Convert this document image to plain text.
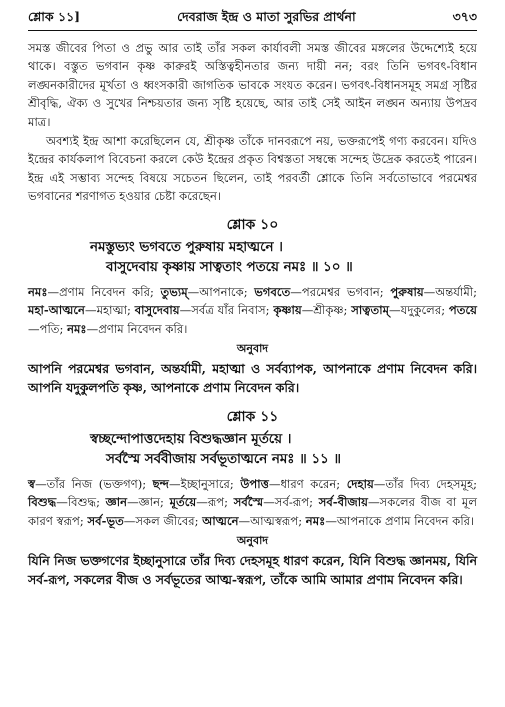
শ্লোক ১১]	দেবরাজ ইন্দ্র ও মাতা সুরভির প্রার্থনা	৩৭৩

সমস্ত জীবের পিতা ও প্রভু আর তাই তাঁর সকল কার্যাবলী সমস্ত জীবের মঙ্গলের উদ্দেশ্যেই হয়ে থাকে। বস্তুত ভগবান কৃষ্ণ কারুরই অস্তিত্বহীনতার জন্য দায়ী নন; বরং তিনি ভগবৎ-বিধান লঙ্ঘনকারীদের মূর্খতা ও ধ্বংসকারী জাগতিক ভাবকে সংযত করেন। ভগবৎ-বিধানসমূহ সমগ্র সৃষ্টির শ্রীবৃদ্ধি, ঐক্য ও সুখের নিশ্চয়তার জন্য সৃষ্টি হয়েছে, আর তাই সেই আইন লঙ্ঘন অন্যায় উপদ্রব মাত্র।

অবশ্যই ইন্দ্র আশা করেছিলেন যে, শ্রীকৃষ্ণ তাঁকে দানবরূপে নয়, ভক্তরূপেই গণ্য করবেন। যদিও ইন্দ্রের কার্যকলাপ বিবেচনা করলে কেউ ইন্দ্রের প্রকৃত বিশ্বস্ততা সম্বন্ধে সন্দেহ উদ্রেক করতেই পারেন। ইন্দ্র এই সম্ভাব্য সন্দেহ বিষয়ে সচেতন ছিলেন, তাই পরবর্তী শ্লোকে তিনি সর্বতোভাবে পরমেশ্বর ভগবানের শরণাগত হওয়ার চেষ্টা করেছেন।

শ্লোক ১০
নমস্তুভ্যং ভগবতে পুরুষায় মহাত্মনে ।
বাসুদেবায় কৃষ্ণায় সাত্বতাং পতয়ে নমঃ ॥ ১০ ॥

নমঃ—প্রণাম নিবেদন করি; তুভ্যম্—আপনাকে; ভগবতে—পরমেশ্বর ভগবান; পুরুষায়—অন্তর্যামী; মহা-আত্মনে—মহাত্মা; বাসুদেবায়—সর্বত্র যাঁর নিবাস; কৃষ্ণায়—শ্রীকৃষ্ণ; সাত্বতাম্—যদুকুলের; পতয়ে—পতি; নমঃ—প্রণাম নিবেদন করি।

অনুবাদ

আপনি পরমেশ্বর ভগবান, অন্তর্যামী, মহাত্মা ও সর্বব্যাপক, আপনাকে প্রণাম নিবেদন করি। আপনি যদুকুলপতি কৃষ্ণ, আপনাকে প্রণাম নিবেদন করি।

শ্লোক ১১
স্বচ্ছন্দোপাত্তদেহায় বিশুদ্ধজ্ঞান মূর্তয়ে ।
সর্বস্মৈ সর্ববীজায় সর্বভূতাত্মনে নমঃ ॥ ১১ ॥

স্ব—তাঁর নিজ (ভক্তগণ); ছন্দ—ইচ্ছানুসারে; উপাত্ত—ধারণ করেন; দেহায়—তাঁর দিব্য দেহসমূহ; বিশুদ্ধ—বিশুদ্ধ; জ্ঞান—জ্ঞান; মূর্তয়ে—রূপ; সর্বস্মৈ—সর্ব-রূপ; সর্ব-বীজায়—সকলের বীজ বা মূল কারণ স্বরূপ; সর্ব-ভূত—সকল জীবের; আত্মনে—আত্মস্বরূপ; নমঃ—আপনাকে প্রণাম নিবেদন করি।

অনুবাদ

যিনি নিজ ভক্তগণের ইচ্ছানুসারে তাঁর দিব্য দেহসমূহ ধারণ করেন, যিনি বিশুদ্ধ জ্ঞানময়, যিনি সর্ব-রূপ, সকলের বীজ ও সর্বভূতের আত্ম-স্বরূপ, তাঁকে আমি আমার প্রণাম নিবেদন করি।
